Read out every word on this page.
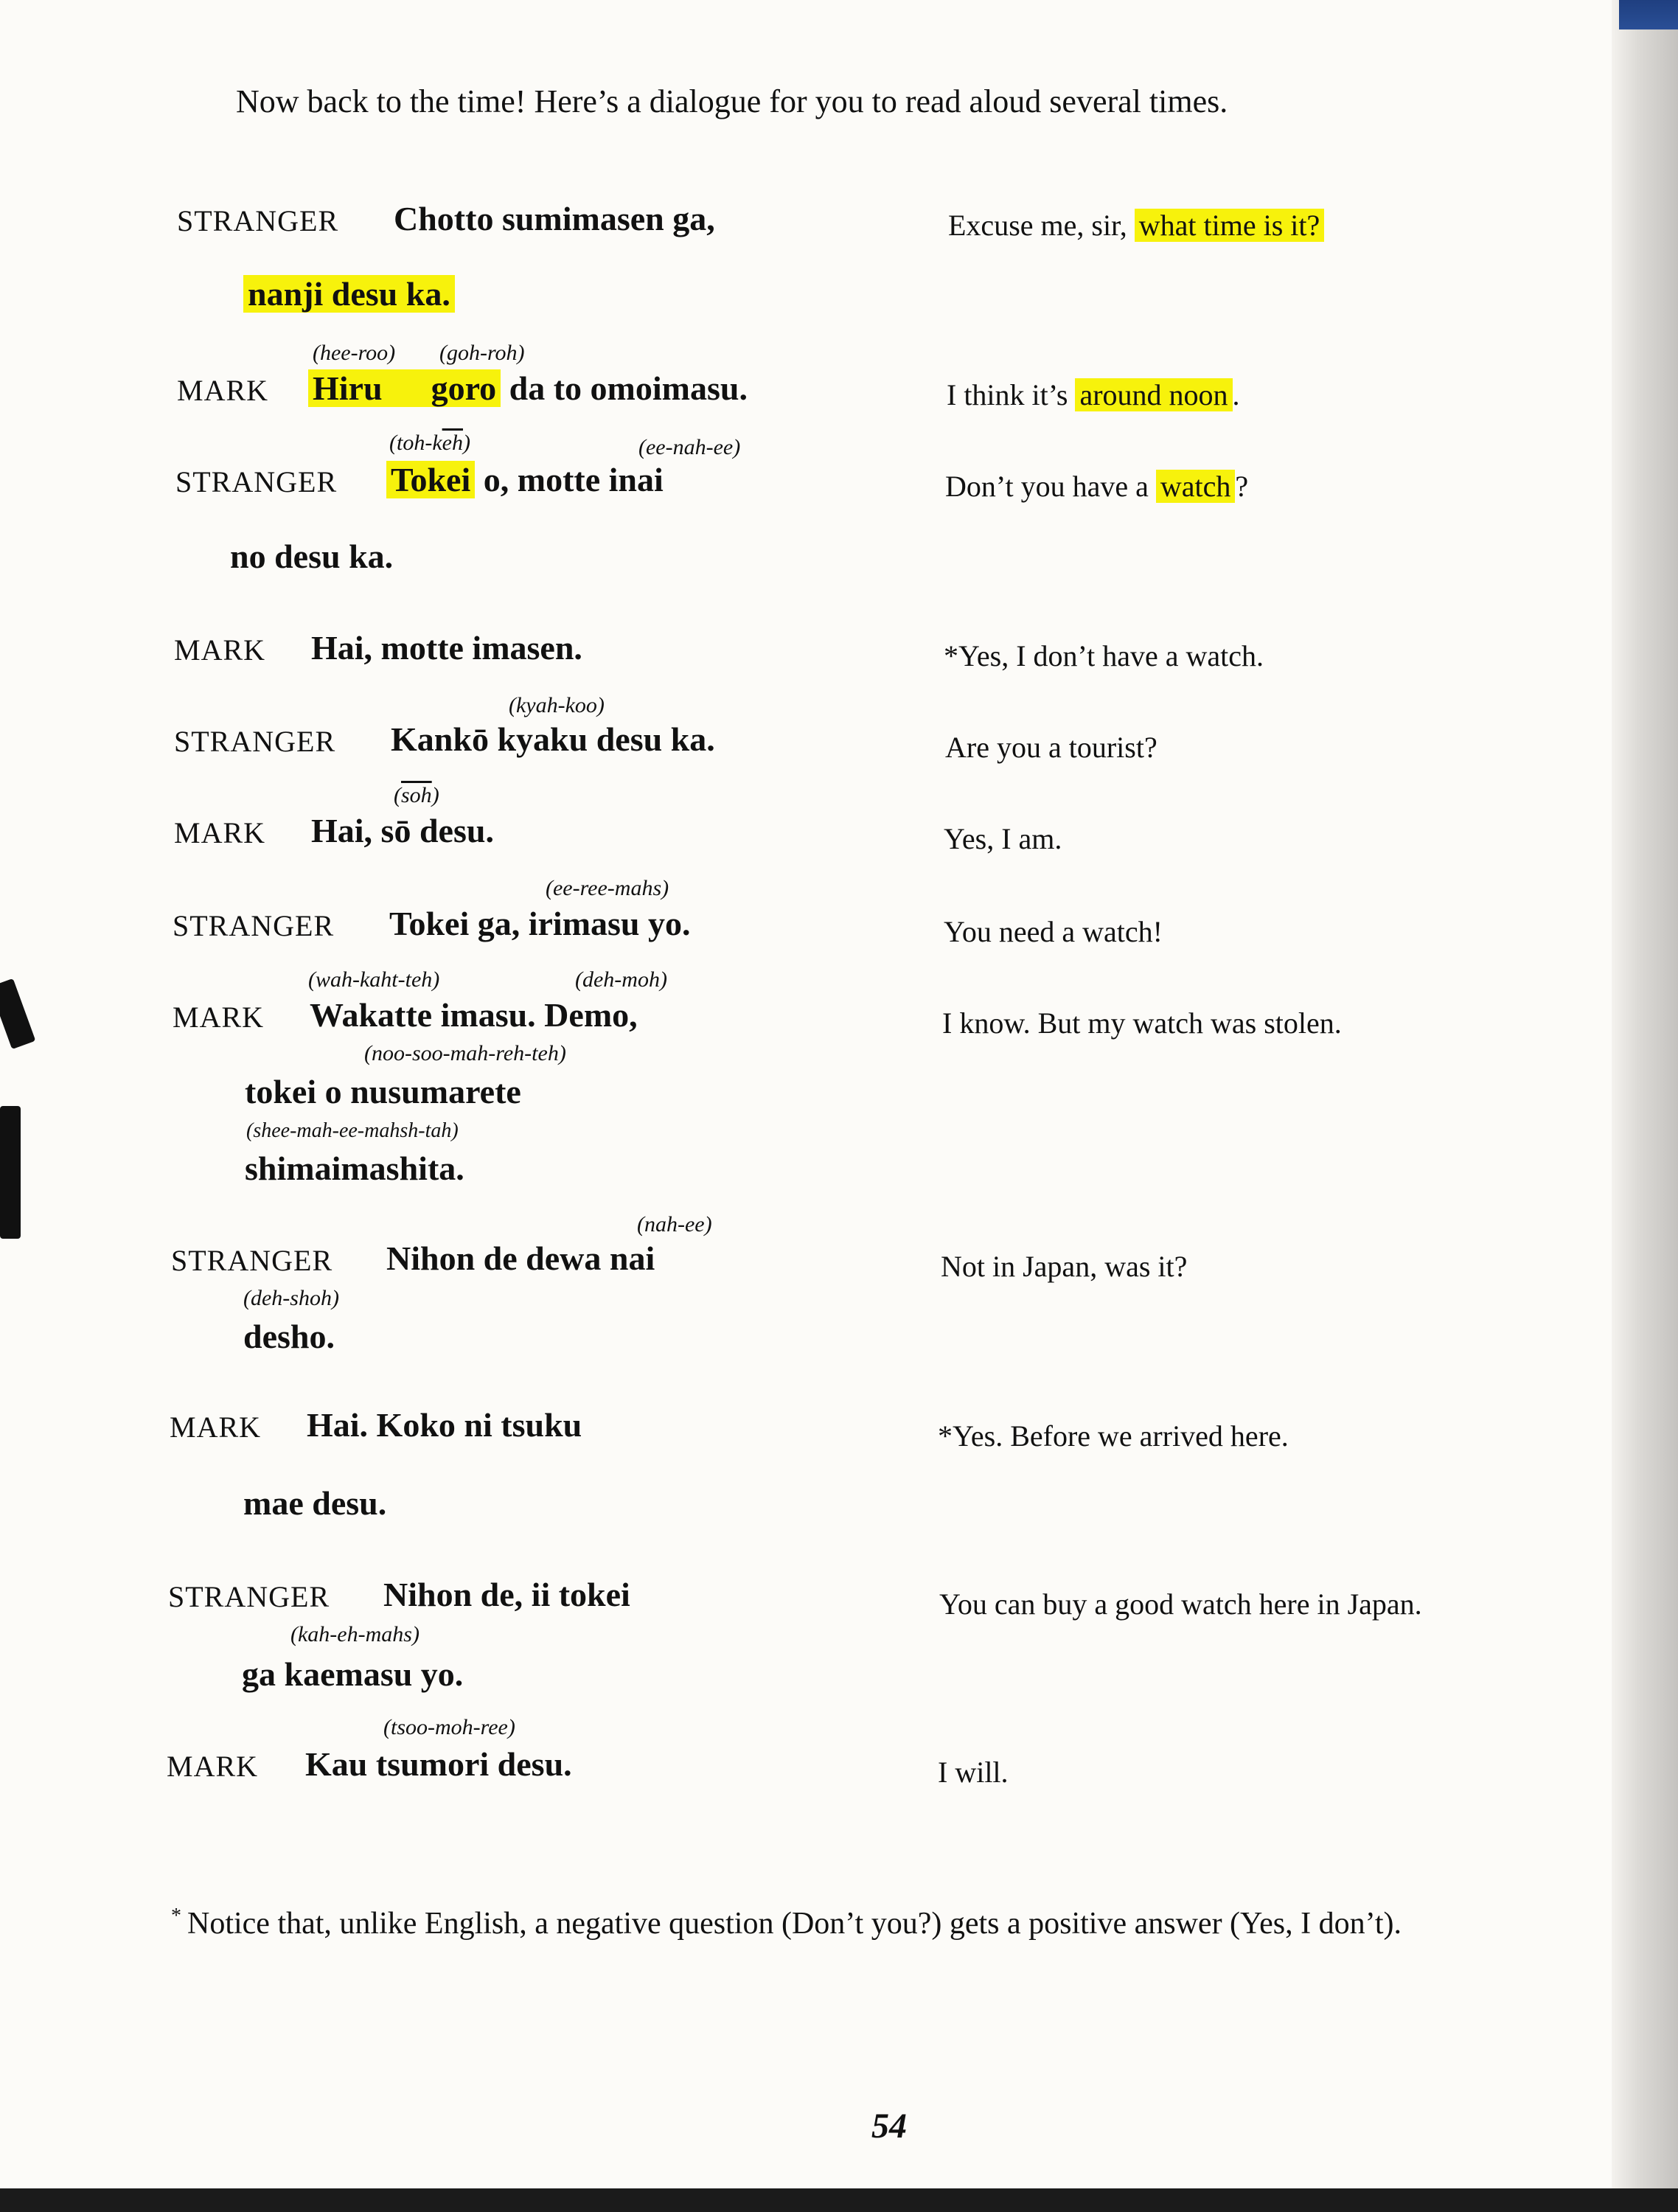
Now back to the time! Here’s a dialogue for you to read aloud several times.
STRANGER Chotto sumimasen ga,
nanji desu ka.
Excuse me, sir, what time is it?
(hee-roo) (goh-roh)
MARK Hiru goro da to omoimasu.	I think it’s around noon .
$(toh-k\overline{eh})$	(ee-nah-ee)
STRANGER Tokei o, motte inai
no desu ka.
Don’t you have a watch ?
MARK Hai, motte imasen.	*Yes, I don’t have a watch.
(kyah-koo)
STRANGER Kankō kyaku desu ka.	Are you a tourist?
$(\overline{soh})$
MARK Hai, sō desu.	Yes, I am.
(ee-ree-mahs)
STRANGER Tokei ga, irimasu yo.	You need a watch!
(wah-kaht-teh)	(deh-moh)
MARK Wakatte imasu. Demo,
(noo-soo-mah-reh-teh)
tokei o nusumarete
(shee-mah-ee-mahsh-tah)
shimaimashita.
I know. But my watch was stolen.
(nah-ee)
STRANGER Nihon de dewa nai
(deh-shoh)
desho.
Not in Japan, was it?
MARK Hai. Koko ni tsuku
mae desu.
*Yes. Before we arrived here.
STRANGER Nihon de, ii tokei
(kah-eh-mahs)
ga kaemasu yo.
You can buy a good watch here in Japan.
(tsoo-moh-ree)
MARK Kau tsumori desu.	I will.
* Notice that, unlike English, a negative question (Don’t you?) gets a positive answer (Yes, I don’t).
54
